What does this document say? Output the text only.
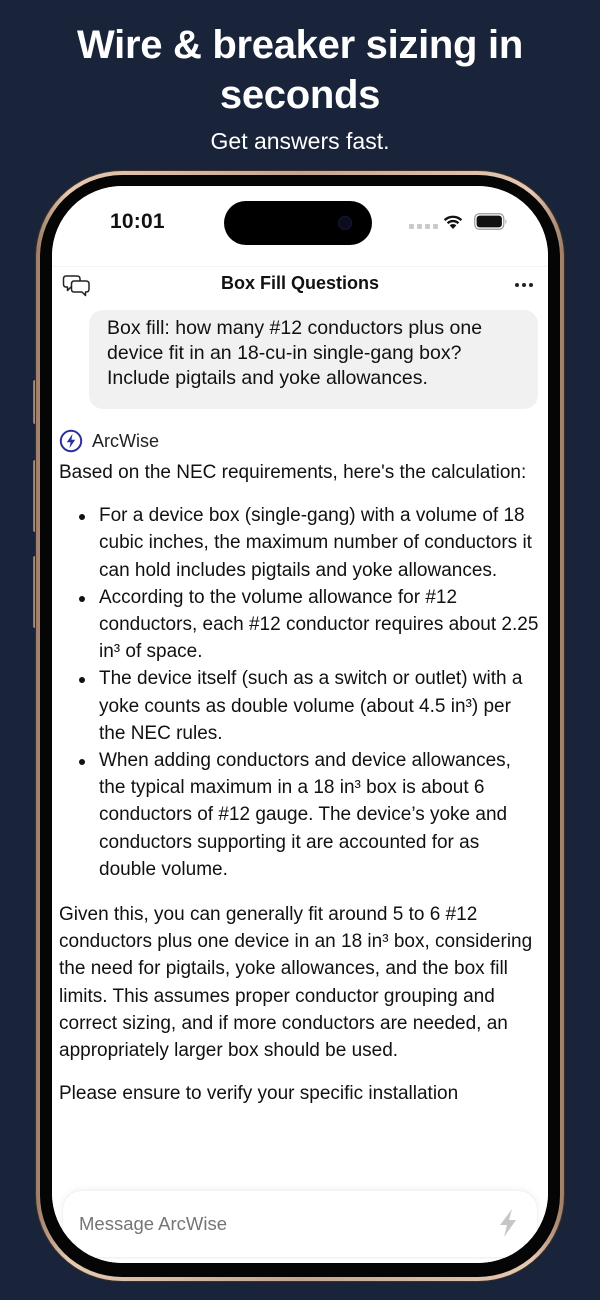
Wire & breaker sizing in seconds
Get answers fast.
10:01
Box Fill Questions
Box fill: how many #12 conductors plus one device fit in an 18-cu-in single-gang box? Include pigtails and yoke allowances.
ArcWise

Based on the NEC requirements, here's the calculation:

For a device box (single-gang) with a volume of 18 cubic inches, the maximum number of conductors it can hold includes pigtails and yoke allowances.
According to the volume allowance for #12 conductors, each #12 conductor requires about 2.25 in³ of space.
The device itself (such as a switch or outlet) with a yoke counts as double volume (about 4.5 in³) per the NEC rules.
When adding conductors and device allowances, the typical maximum in a 18 in³ box is about 6 conductors of #12 gauge. The device’s yoke and conductors supporting it are accounted for as double volume.

Given this, you can generally fit around 5 to 6 #12 conductors plus one device in an 18 in³ box, considering the need for pigtails, yoke allowances, and the box fill limits. This assumes proper conductor grouping and correct sizing, and if more conductors are needed, an appropriately larger box should be used.

Please ensure to verify your specific installation

Message ArcWise
